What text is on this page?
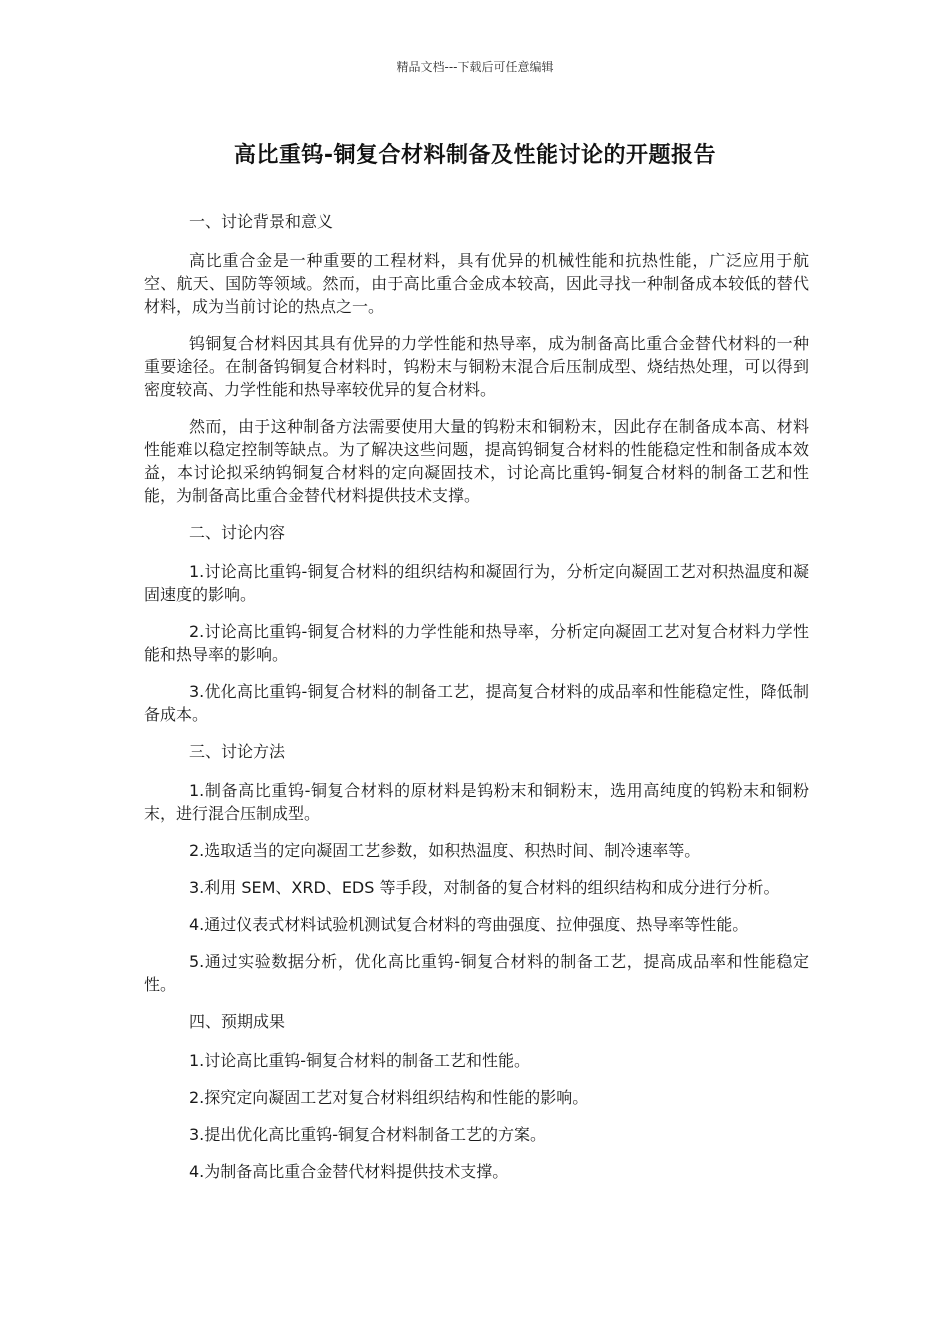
精品文档---下载后可任意编辑
高比重钨-铜复合材料制备及性能讨论的开题报告

一、讨论背景和意义

高比重合金是一种重要的工程材料，具有优异的机械性能和抗热性能，广泛应用于航空、航天、国防等领域。然而，由于高比重合金成本较高，因此寻找一种制备成本较低的替代材料，成为当前讨论的热点之一。

钨铜复合材料因其具有优异的力学性能和热导率，成为制备高比重合金替代材料的一种重要途径。在制备钨铜复合材料时，钨粉末与铜粉末混合后压制成型、烧结热处理，可以得到密度较高、力学性能和热导率较优异的复合材料。

然而，由于这种制备方法需要使用大量的钨粉末和铜粉末，因此存在制备成本高、材料性能难以稳定控制等缺点。为了解决这些问题，提高钨铜复合材料的性能稳定性和制备成本效益，本讨论拟采纳钨铜复合材料的定向凝固技术，讨论高比重钨-铜复合材料的制备工艺和性能，为制备高比重合金替代材料提供技术支撑。

二、讨论内容

1.讨论高比重钨-铜复合材料的组织结构和凝固行为，分析定向凝固工艺对积热温度和凝固速度的影响。

2.讨论高比重钨-铜复合材料的力学性能和热导率，分析定向凝固工艺对复合材料力学性能和热导率的影响。

3.优化高比重钨-铜复合材料的制备工艺，提高复合材料的成品率和性能稳定性，降低制备成本。

三、讨论方法

1.制备高比重钨-铜复合材料的原材料是钨粉末和铜粉末，选用高纯度的钨粉末和铜粉末，进行混合压制成型。

2.选取适当的定向凝固工艺参数，如积热温度、积热时间、制冷速率等。

3.利用 SEM、XRD、EDS 等手段，对制备的复合材料的组织结构和成分进行分析。

4.通过仪表式材料试验机测试复合材料的弯曲强度、拉伸强度、热导率等性能。

5.通过实验数据分析，优化高比重钨-铜复合材料的制备工艺，提高成品率和性能稳定性。

四、预期成果

1.讨论高比重钨-铜复合材料的制备工艺和性能。

2.探究定向凝固工艺对复合材料组织结构和性能的影响。

3.提出优化高比重钨-铜复合材料制备工艺的方案。

4.为制备高比重合金替代材料提供技术支撑。
